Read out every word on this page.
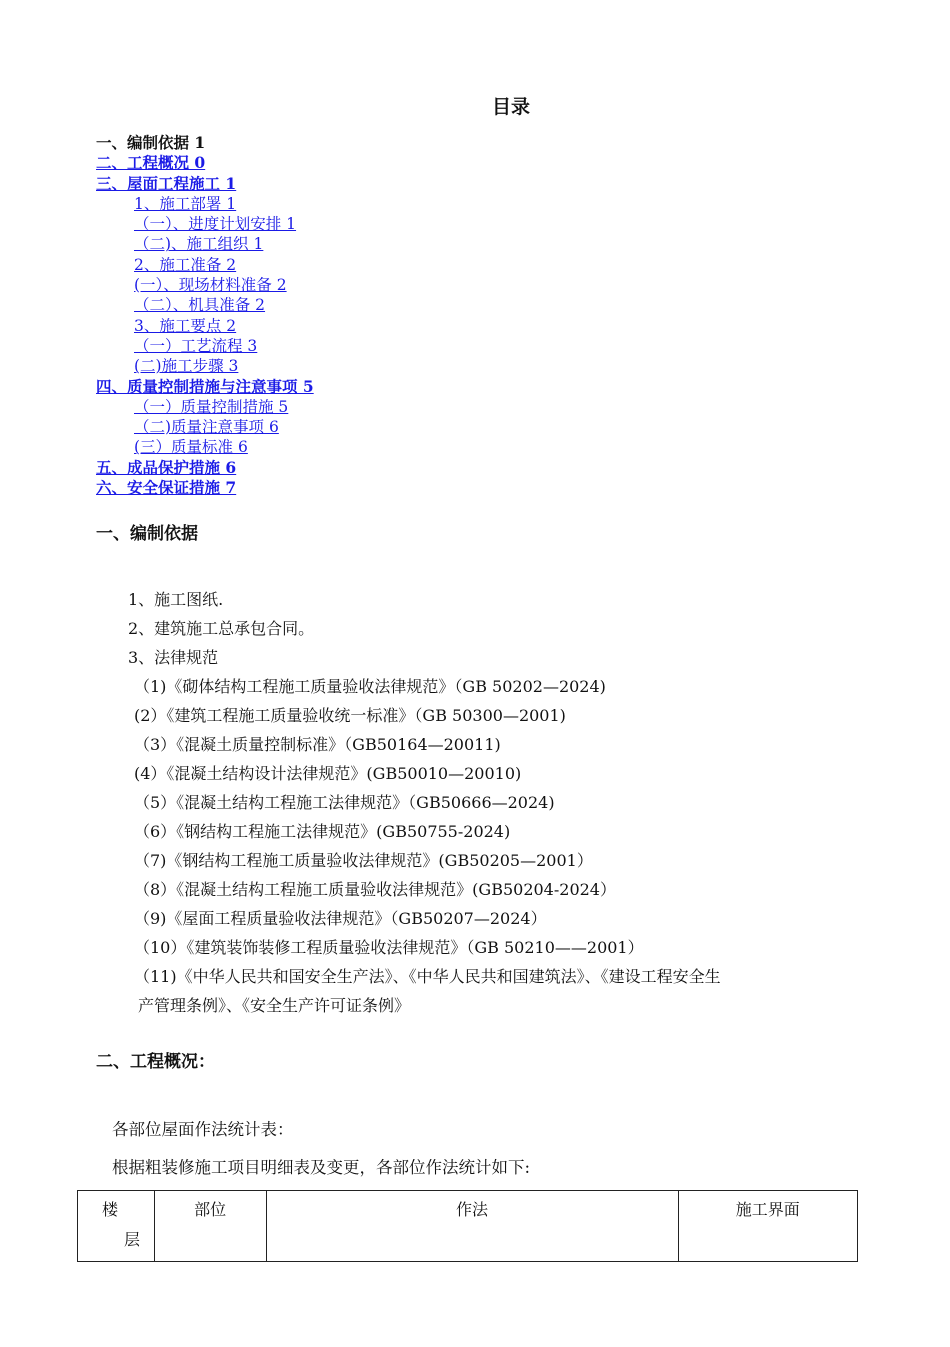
目录
一、编制依据 1
二、工程概况 0
三、屋面工程施工 1
1、施工部署 1
（一）、进度计划安排 1
（二)、施工组织 1
2、施工准备 2
(一）、现场材料准备 2
（二）、机具准备 2
3、施工要点 2
（一）工艺流程 3
(二)施工步骤 3
四、质量控制措施与注意事项 5
（一）质量控制措施 5
（二)质量注意事项 6
(三）质量标准 6
五、成品保护措施 6
六、安全保证措施 7
一、编制依据
1、施工图纸.
2、建筑施工总承包合同。
3、法律规范
（1)《砌体结构工程施工质量验收法律规范》（GB 50202—2024)
(2）《建筑工程施工质量验收统一标准》（GB 50300—2001)
（3）《混凝土质量控制标准》（GB50164—20011)
(4）《混凝土结构设计法律规范》(GB50010—20010)
（5）《混凝土结构工程施工法律规范》（GB50666—2024)
（6）《钢结构工程施工法律规范》(GB50755-2024)
（7)《钢结构工程施工质量验收法律规范》(GB50205—2001）
（8）《混凝土结构工程施工质量验收法律规范》(GB50204-2024）
（9)《屋面工程质量验收法律规范》（GB50207—2024）
（10）《建筑装饰装修工程质量验收法律规范》（GB 50210——2001）
（11)《中华人民共和国安全生产法》、《中华人民共和国建筑法》、《建设工程安全生
产管理条例》、《安全生产许可证条例》
二、工程概况：
各部位屋面作法统计表：
根据粗装修施工项目明细表及变更，各部位作法统计如下:
楼
层	部位	作法	施工界面
